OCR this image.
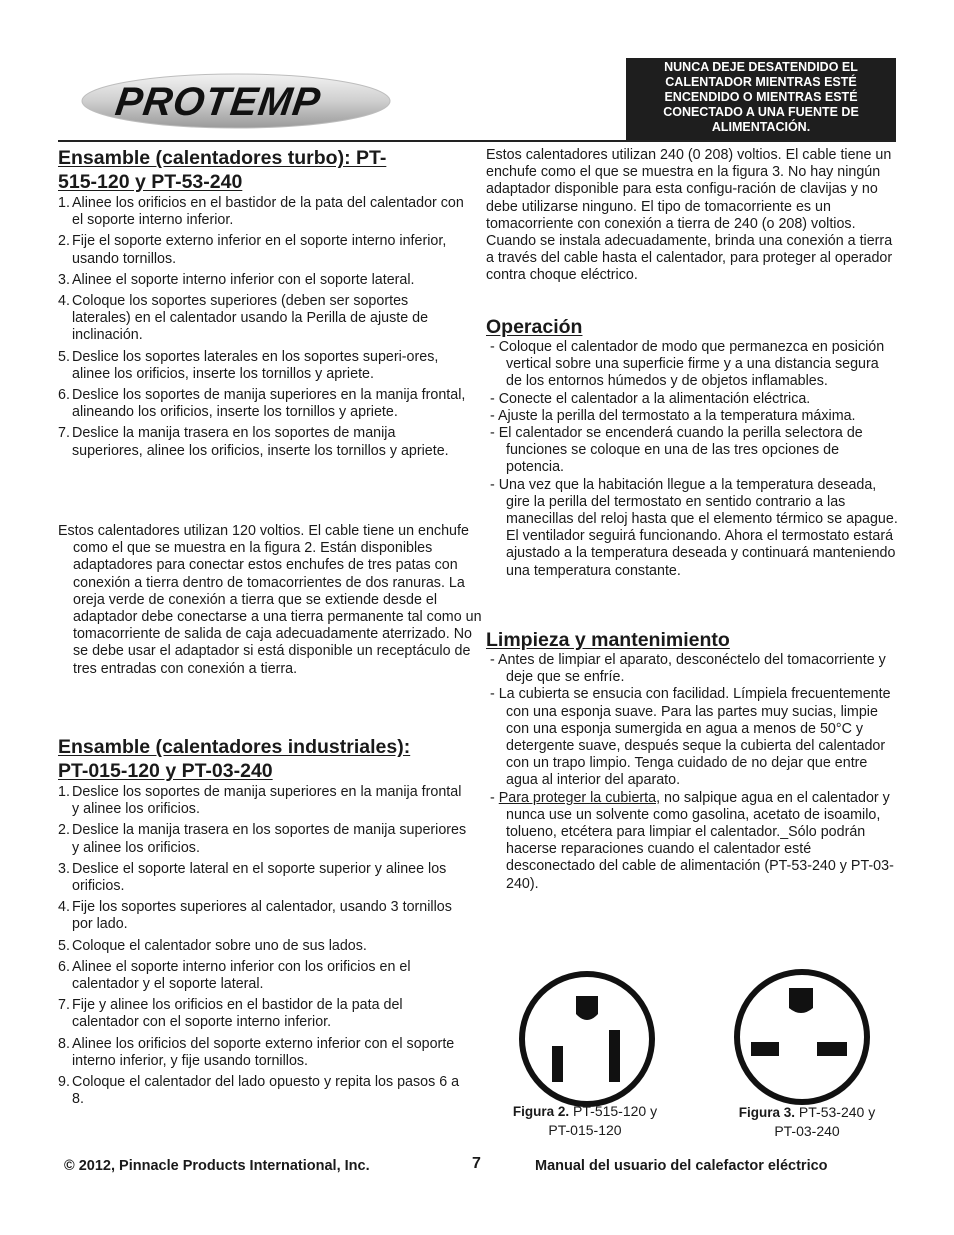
PROTEMP
NUNCA DEJE DESATENDIDO EL
CALENTADOR MIENTRAS ESTÉ
ENCENDIDO O MIENTRAS ESTÉ
CONECTADO A UNA FUENTE DE
ALIMENTACIÓN.
Ensamble (calentadores turbo): PT-
515-120 y PT-53-240
1. Alinee los orificios en el bastidor de la pata del calentador con el soporte interno inferior.
2. Fije el soporte externo inferior en el soporte interno inferior, usando tornillos.
3. Alinee el soporte interno inferior con el soporte lateral.
4. Coloque los soportes superiores (deben ser soportes laterales) en el calentador usando la Perilla de ajuste de inclinación.
5. Deslice los soportes laterales en los soportes superi-ores, alinee los orificios, inserte los tornillos y apriete.
6. Deslice los soportes de manija superiores en la manija frontal, alineando los orificios, inserte los tornillos y apriete.
7. Deslice la manija trasera en los soportes de manija superiores, alinee los orificios, inserte los tornillos y apriete.

Estos calentadores utilizan 120 voltios. El cable tiene un enchufe como el que se muestra en la figura 2. Están disponibles adaptadores para conectar estos enchufes de tres patas con conexión a tierra dentro de tomacorrientes de dos ranuras. La oreja verde de conexión a tierra que se extiende desde el adaptador debe conectarse a una tierra permanente tal como un tomacorriente de salida de caja adecuadamente aterrizado. No se debe usar el adaptador si está disponible un receptáculo de tres entradas con conexión a tierra.

Ensamble (calentadores industriales):
PT-015-120 y PT-03-240
1. Deslice los soportes de manija superiores en la manija frontal y alinee los orificios.
2. Deslice la manija trasera en los soportes de manija superiores y alinee los orificios.
3. Deslice el soporte lateral en el soporte superior y alinee los orificios.
4. Fije los soportes superiores al calentador, usando 3 tornillos por lado.
5. Coloque el calentador sobre uno de sus lados.
6. Alinee el soporte interno inferior con los orificios en el calentador y el soporte lateral.
7. Fije y alinee los orificios en el bastidor de la pata del calentador con el soporte interno inferior.
8. Alinee los orificios del soporte externo inferior con el soporte interno inferior, y fije usando tornillos.
9. Coloque el calentador del lado opuesto y repita los pasos 6 a 8.

Estos calentadores utilizan 240 (0 208) voltios. El cable tiene un enchufe como el que se muestra en la figura 3. No hay ningún adaptador disponible para esta configu-ración de clavijas y no debe utilizarse ninguno. El tipo de tomacorriente es un tomacorriente con conexión a tierra de 240 (o 208) voltios. Cuando se instala adecuadamente, brinda una conexión a tierra a través del cable hasta el calentador, para proteger al operador contra choque eléctrico.

Operación
- Coloque el calentador de modo que permanezca en posición vertical sobre una superficie firme y a una distancia segura de los entornos húmedos y de objetos inflamables.
- Conecte el calentador a la alimentación eléctrica.
- Ajuste la perilla del termostato a la temperatura máxima.
- El calentador se encenderá cuando la perilla selectora de funciones se coloque en una de las tres opciones de potencia.
- Una vez que la habitación llegue a la temperatura deseada, gire la perilla del termostato en sentido contrario a las manecillas del reloj hasta que el elemento térmico se apague. El ventilador seguirá funcionando. Ahora el termostato estará ajustado a la temperatura deseada y continuará manteniendo una temperatura constante.
Limpieza y mantenimiento
- Antes de limpiar el aparato, desconéctelo del tomacorriente y deje que se enfríe.
- La cubierta se ensucia con facilidad. Límpiela frecuentemente con una esponja suave. Para las partes muy sucias, limpie con una esponja sumergida en agua a menos de 50°C y detergente suave, después seque la cubierta del calentador con un trapo limpio. Tenga cuidado de no dejar que entre agua al interior del aparato.
- Para proteger la cubierta, no salpique agua en el calentador y nunca use un solvente como gasolina, acetato de isoamilo, tolueno, etcétera para limpiar el calentador._Sólo podrán hacerse reparaciones cuando el calentador esté desconectado del cable de alimentación (PT-53-240 y PT-03-240).
Figura 2. PT-515-120 y
PT-015-120
Figura 3. PT-53-240 y
PT-03-240
© 2012, Pinnacle Products International, Inc.	7	Manual del usuario del calefactor eléctrico
